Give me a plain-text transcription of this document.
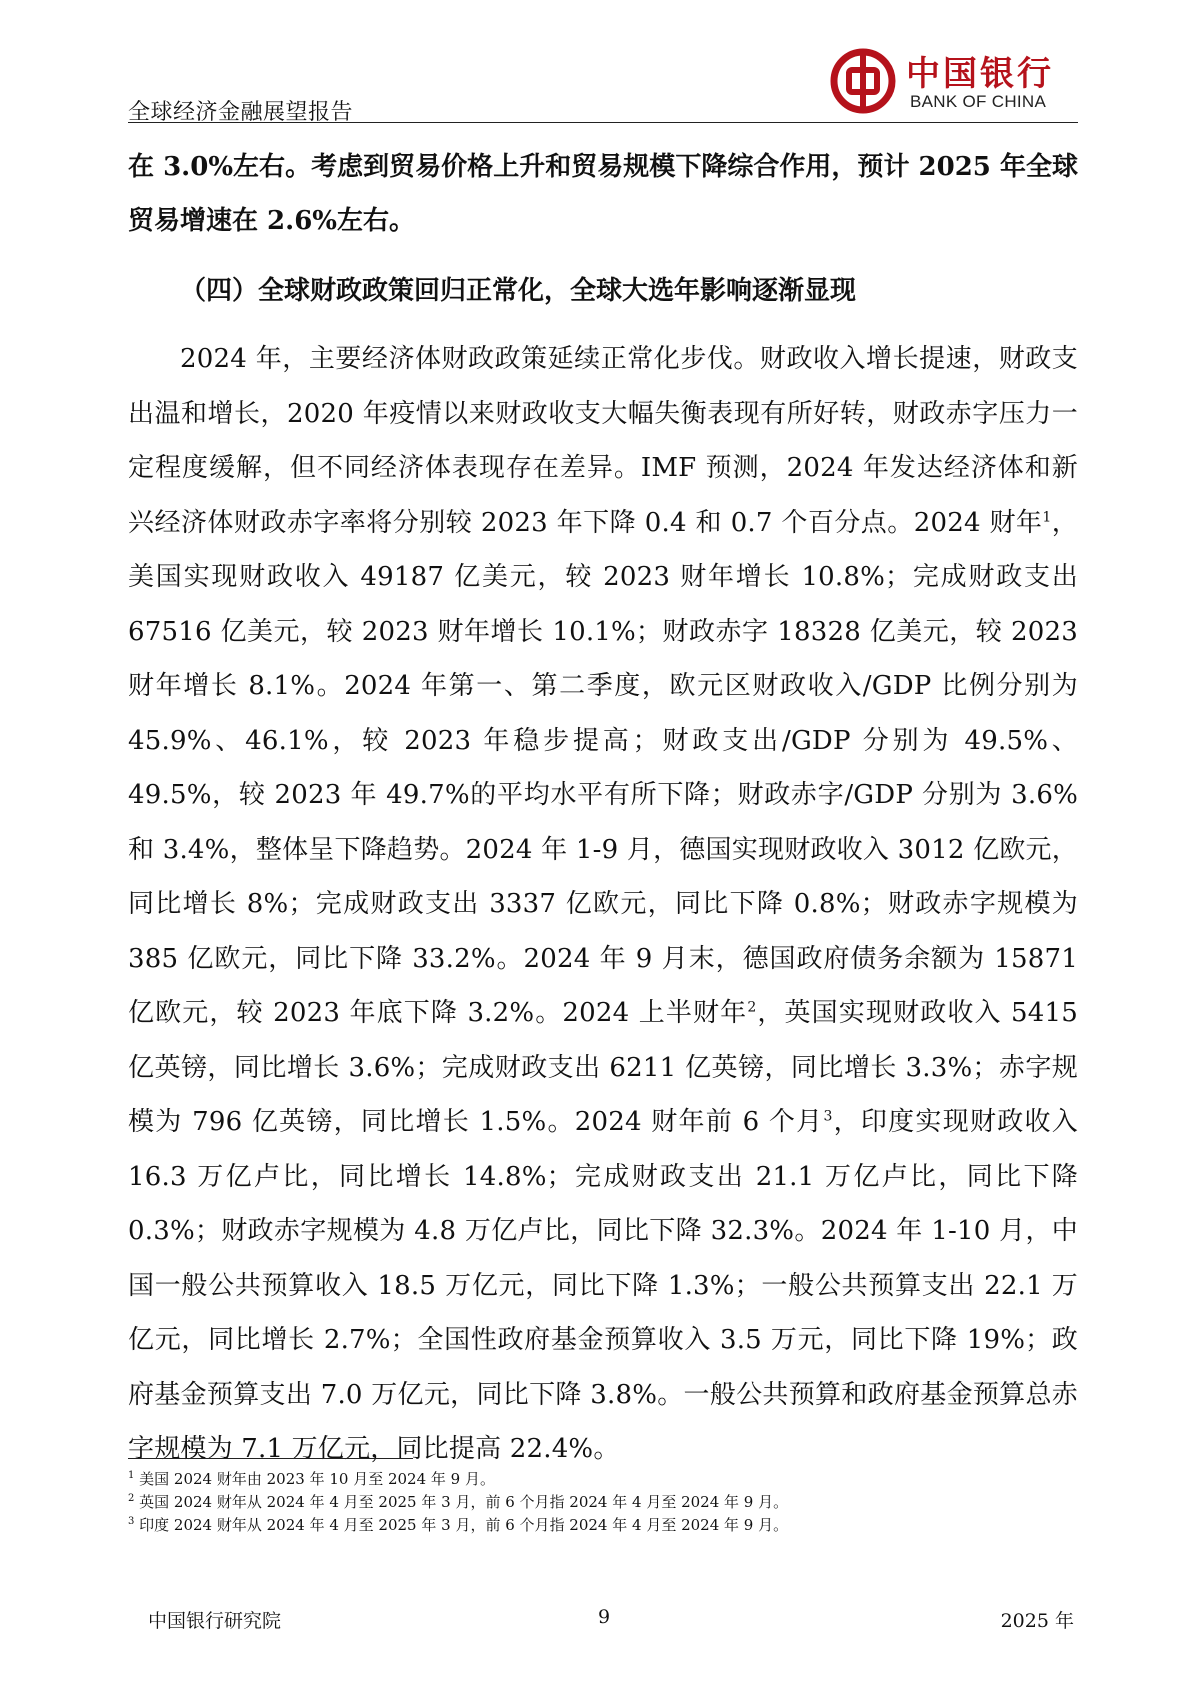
全球经济金融展望报告
中国银行
BANK OF CHINA

在 3.0%左右。考虑到贸易价格上升和贸易规模下降综合作用，预计 2025 年全球贸易增速在 2.6%左右。

（四）全球财政政策回归正常化，全球大选年影响逐渐显现

2024 年，主要经济体财政政策延续正常化步伐。财政收入增长提速，财政支出温和增长，2020 年疫情以来财政收支大幅失衡表现有所好转，财政赤字压力一定程度缓解，但不同经济体表现存在差异。IMF 预测，2024 年发达经济体和新兴经济体财政赤字率将分别较 2023 年下降 0.4 和 0.7 个百分点。2024 财年$^1$，美国实现财政收入 49187 亿美元，较 2023 财年增长 10.8%；完成财政支出 67516 亿美元，较 2023 财年增长 10.1%；财政赤字 18328 亿美元，较 2023 财年增长 8.1%。2024 年第一、第二季度，欧元区财政收入/GDP 比例分别为 45.9%、46.1%，较 2023 年稳步提高；财政支出/GDP 分别为 49.5%、49.5%，较 2023 年 49.7%的平均水平有所下降；财政赤字/GDP 分别为 3.6%和 3.4%，整体呈下降趋势。2024 年 1-9 月，德国实现财政收入 3012 亿欧元，同比增长 8%；完成财政支出 3337 亿欧元，同比下降 0.8%；财政赤字规模为 385 亿欧元，同比下降 33.2%。2024 年 9 月末，德国政府债务余额为 15871 亿欧元，较 2023 年底下降 3.2%。2024 上半财年$^2$，英国实现财政收入 5415 亿英镑，同比增长 3.6%；完成财政支出 6211 亿英镑，同比增长 3.3%；赤字规模为 796 亿英镑，同比增长 1.5%。2024 财年前 6 个月$^3$，印度实现财政收入 16.3 万亿卢比，同比增长 14.8%；完成财政支出 21.1 万亿卢比，同比下降 0.3%；财政赤字规模为 4.8 万亿卢比，同比下降 32.3%。2024 年 1-10 月，中国一般公共预算收入 18.5 万亿元，同比下降 1.3%；一般公共预算支出 22.1 万亿元，同比增长 2.7%；全国性政府基金预算收入 3.5 万元，同比下降 19%；政府基金预算支出 7.0 万亿元，同比下降 3.8%。一般公共预算和政府基金预算总赤字规模为 7.1 万亿元，同比提高 22.4%。

$^1$ 美国 2024 财年由 2023 年 10 月至 2024 年 9 月。

$^2$ 英国 2024 财年从 2024 年 4 月至 2025 年 3 月，前 6 个月指 2024 年 4 月至 2024 年 9 月。

$^3$ 印度 2024 财年从 2024 年 4 月至 2025 年 3 月，前 6 个月指 2024 年 4 月至 2024 年 9 月。

中国银行研究院	9	2025 年
